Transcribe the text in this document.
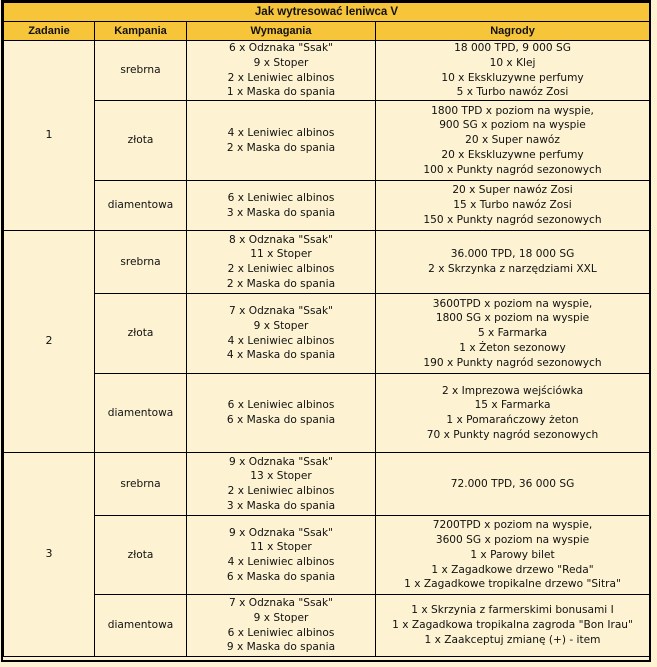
Jak wytresować leniwca V			
Zadanie	Kampania	Wymagania	Nagrody
1	srebrna	6 x Odznaka "Ssak"
9 x Stoper
2 x Leniwiec albinos
1 x Maska do spania	18 000 TPD, 9 000 SG
10 x Klej
10 x Ekskluzywne perfumy
5 x Turbo nawóz Zosi

	złota	4 x Leniwiec albinos
2 x Maska do spania	1800 TPD x poziom na wyspie,
900 SG x poziom na wyspie
20 x Super nawóz
20 x Ekskluzywne perfumy
100 x Punkty nagród sezonowych

	diamentowa	6 x Leniwiec albinos
3 x Maska do spania	20 x Super nawóz Zosi
15 x Turbo nawóz Zosi
150 x Punkty nagród sezonowych

2	srebrna	8 x Odznaka "Ssak"
11 x Stoper
2 x Leniwiec albinos
2 x Maska do spania	36.000 TPD, 18 000 SG
2 x Skrzynka z narzędziami XXL

	złota	7 x Odznaka "Ssak"
9 x Stoper
4 x Leniwiec albinos
4 x Maska do spania	3600TPD x poziom na wyspie,
1800 SG x poziom na wyspie
5 x Farmarka
1 x Żeton sezonowy
190 x Punkty nagród sezonowych

	diamentowa	6 x Leniwiec albinos
6 x Maska do spania	2 x Imprezowa wejściówka
15 x Farmarka
1 x Pomarańczowy żeton
70 x Punkty nagród sezonowych

3	srebrna	9 x Odznaka "Ssak"
13 x Stoper
2 x Leniwiec albinos
3 x Maska do spania	72.000 TPD, 36 000 SG

	złota	9 x Odznaka "Ssak"
11 x Stoper
4 x Leniwiec albinos
6 x Maska do spania	7200TPD x poziom na wyspie,
3600 SG x poziom na wyspie
1 x Parowy bilet
1 x Zagadkowe drzewo "Reda"
1 x Zagadkowe tropikalne drzewo "Sitra"

	diamentowa	7 x Odznaka "Ssak"
9 x Stoper
6 x Leniwiec albinos
9 x Maska do spania	1 x Skrzynia z farmerskimi bonusami I
1 x Zagadkowa tropikalna zagroda "Bon Irau"
1 x Zaakceptuj zmianę (+) - item
